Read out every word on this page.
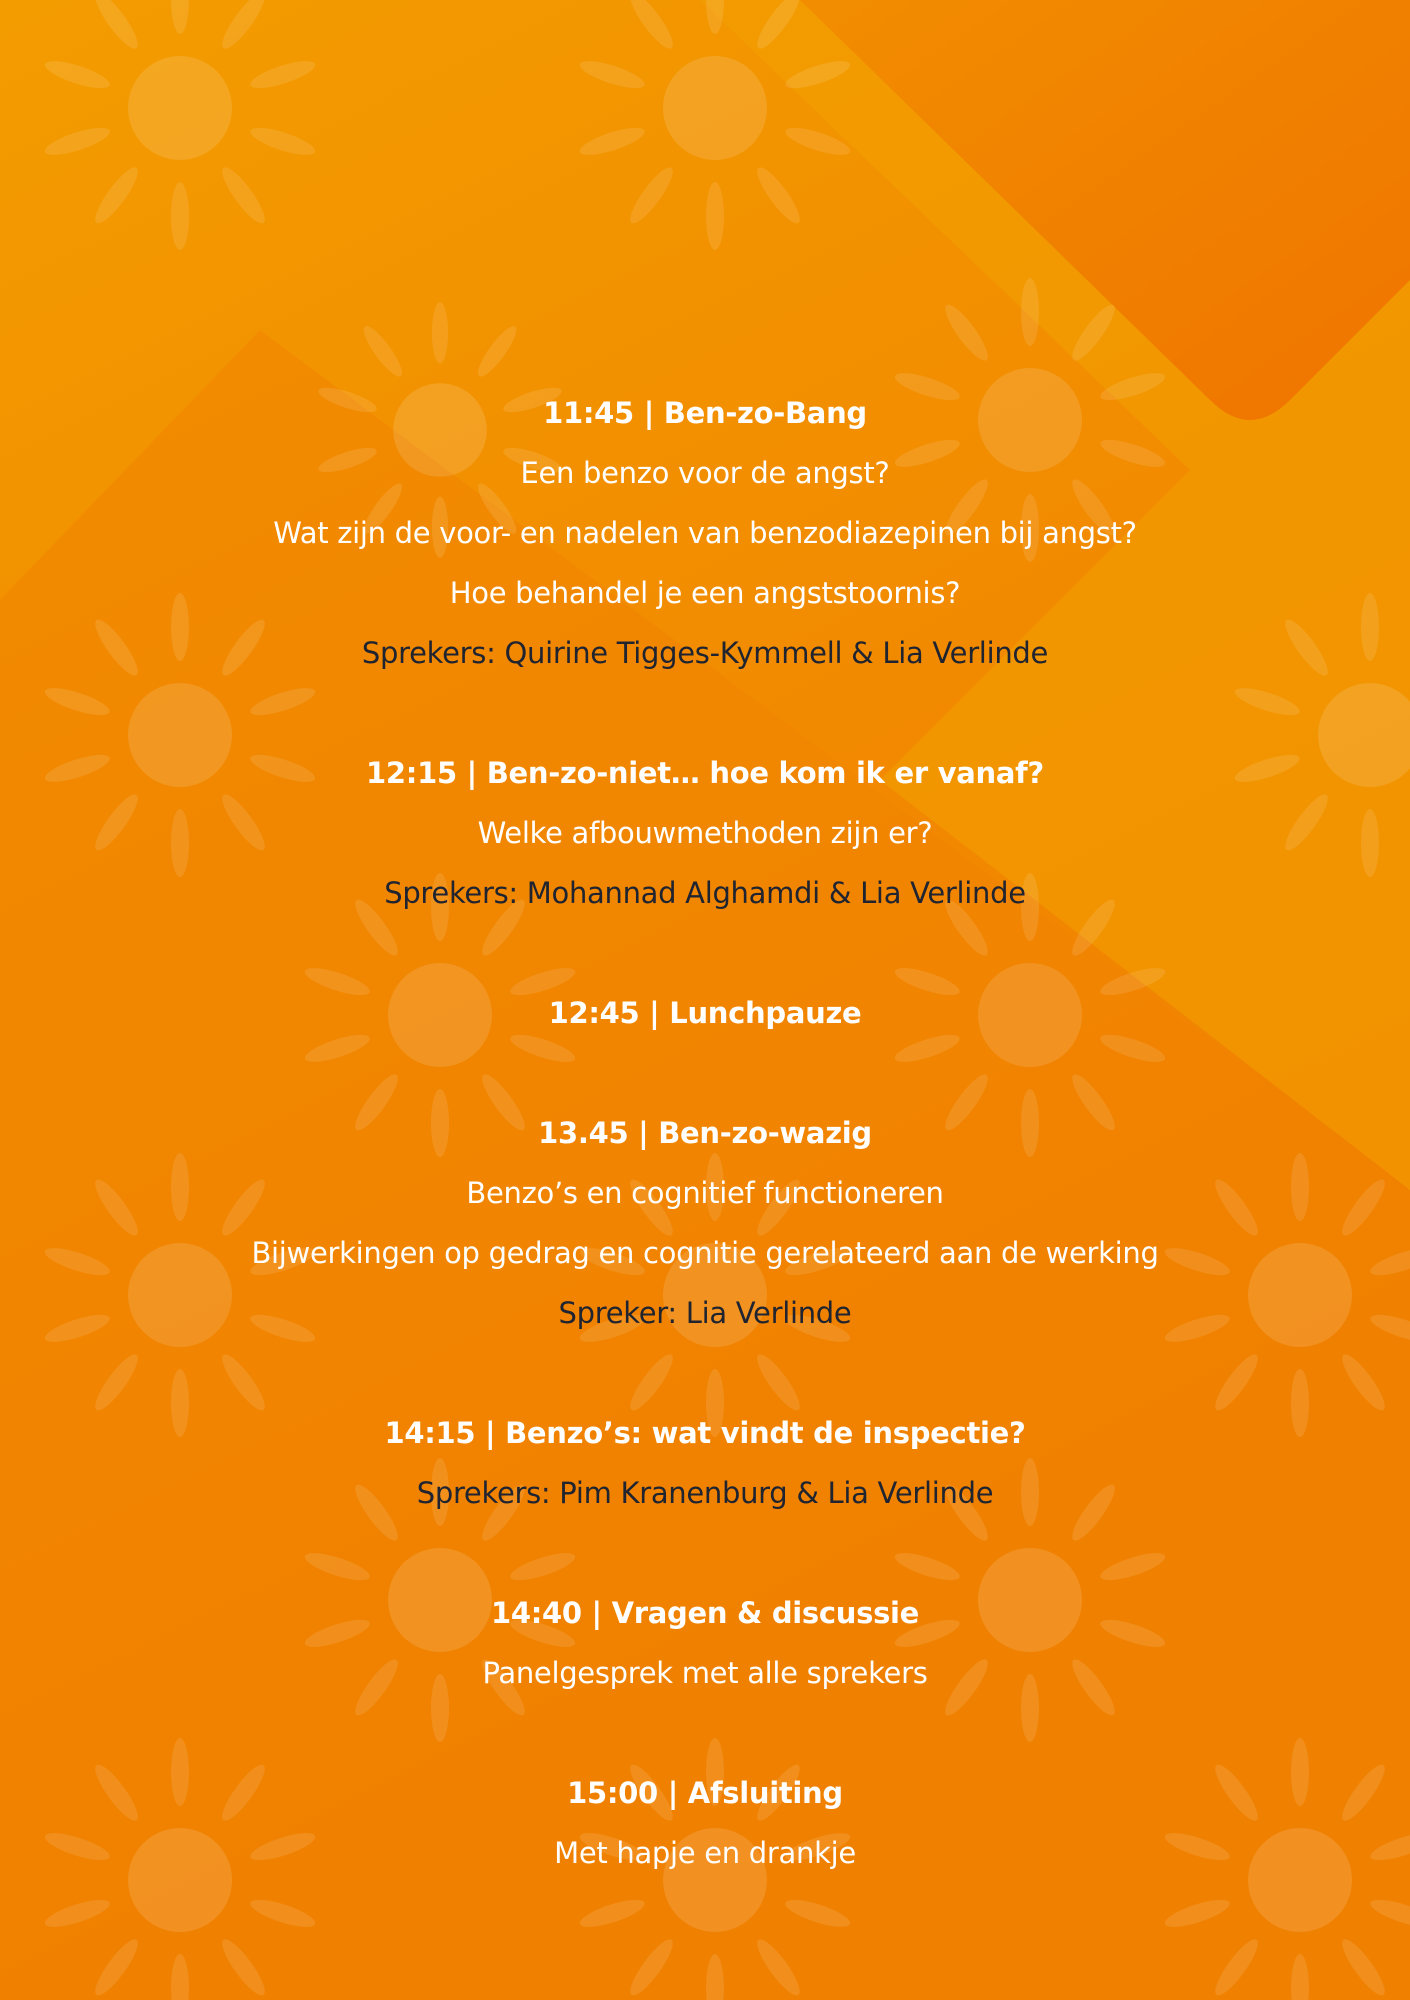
11:45 | Ben-zo-Bang
Een benzo voor de angst?
Wat zijn de voor- en nadelen van benzodiazepinen bij angst?
Hoe behandel je een angststoornis?
Sprekers: Quirine Tigges-Kymmell & Lia Verlinde
12:15 | Ben-zo-niet… hoe kom ik er vanaf?
Welke afbouwmethoden zijn er?
Sprekers: Mohannad Alghamdi & Lia Verlinde
12:45 | Lunchpauze
13.45 | Ben-zo-wazig
Benzo’s en cognitief functioneren
Bijwerkingen op gedrag en cognitie gerelateerd aan de werking
Spreker: Lia Verlinde
14:15 | Benzo’s: wat vindt de inspectie?
Sprekers: Pim Kranenburg & Lia Verlinde
14:40 | Vragen & discussie
Panelgesprek met alle sprekers
15:00 | Afsluiting
Met hapje en drankje
